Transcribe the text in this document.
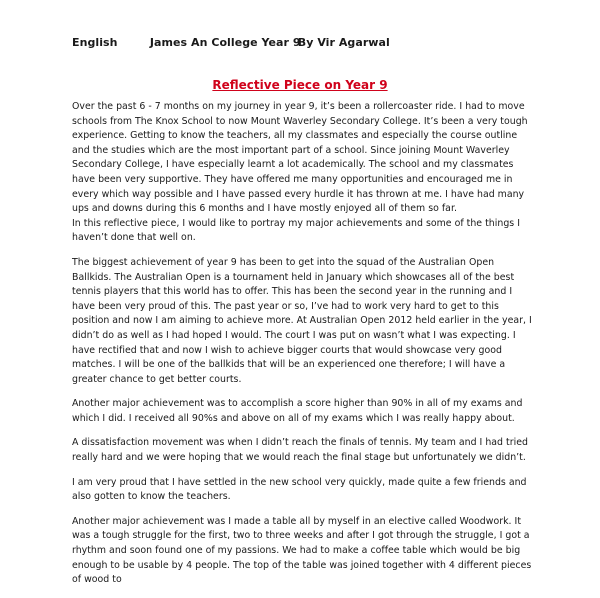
English	James An College Year 9 By Vir Agarwal
Reflective Piece on Year 9

Over the past 6 - 7 months on my journey in year 9, it’s been a rollercoaster ride. I had to move schools from The Knox School to now Mount Waverley Secondary College. It’s been a very tough experience. Getting to know the teachers, all my classmates and especially the course outline and the studies which are the most important part of a school. Since joining Mount Waverley Secondary College, I have especially learnt a lot academically. The school and my classmates have been very supportive. They have offered me many opportunities and encouraged me in every which way possible and I have passed every hurdle it has thrown at me. I have had many ups and downs during this 6 months and I have mostly enjoyed all of them so far.

In this reflective piece, I would like to portray my major achievements and some of the things I haven’t done that well on.

The biggest achievement of year 9 has been to get into the squad of the Australian Open Ballkids. The Australian Open is a tournament held in January which showcases all of the best tennis players that this world has to offer. This has been the second year in the running and I have been very proud of this. The past year or so, I’ve had to work very hard to get to this position and now I am aiming to achieve more. At Australian Open 2012 held earlier in the year, I didn’t do as well as I had hoped I would. The court I was put on wasn’t what I was expecting. I have rectified that and now I wish to achieve bigger courts that would showcase very good matches. I will be one of the ballkids that will be an experienced one therefore; I will have a greater chance to get better courts.

Another major achievement was to accomplish a score higher than 90% in all of my exams and which I did. I received all 90%s and above on all of my exams which I was really happy about.

A dissatisfaction movement was when I didn’t reach the finals of tennis. My team and I had tried really hard and we were hoping that we would reach the final stage but unfortunately we didn’t.

I am very proud that I have settled in the new school very quickly, made quite a few friends and also gotten to know the teachers.

Another major achievement was I made a table all by myself in an elective called Woodwork. It was a tough struggle for the first, two to three weeks and after I got through the struggle, I got a rhythm and soon found one of my passions. We had to make a coffee table which would be big enough to be usable by 4 people. The top of the table was joined together with 4 different pieces of wood to
